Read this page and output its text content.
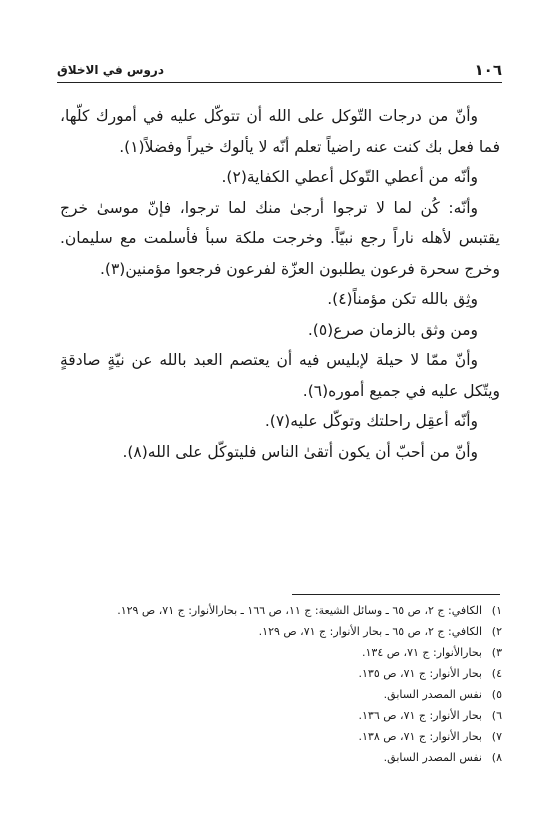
١٠٦
دروس في الاخلاق

وأنّ من درجات التّوكل على الله أن تتوكّل عليه في أمورك كلّها، فما فعل بك كنت عنه راضياً تعلم أنّه لا يألوك خيراً وفضلاً(١).

وأنّه من أعطي التّوكل أعطي الكفاية(٢).

وأنّه: كُن لما لا ترجوا أرجىٰ منك لما ترجوا، فإنّ موسىٰ خرج يقتبس لأهله ناراً رجع نبيّاً. وخرجت ملكة سبأ فأسلمت مع سليمان. وخرج سحرة فرعون يطلبون العزّة لفرعون فرجعوا مؤمنين(٣).

وثِق بالله تكن مؤمناً(٤).

ومن وثق بالزمان صرع(٥).

وأنّ ممّا لا حيلة لإبليس فيه أن يعتصم العبد بالله عن نيّةٍ صادقةٍ ويتّكل عليه في جميع أموره(٦).

وأنّه أعقِل راحلتك وتوكّل عليه(٧).

وأنّ من أحبّ أن يكون أتقىٰ الناس فليتوكّل على الله(٨).

١)الكافي: ج ٢، ص ٦٥ ـ وسائل الشيعة: ج ١١، ص ١٦٦ ـ بحارالأنوار: ج ٧١، ص ١٢٩.
٢)الكافي: ج ٢، ص ٦٥ ـ بحار الأنوار: ج ٧١، ص ١٢٩.
٣)بحارالأنوار: ج ٧١، ص ١٣٤.
٤)بحار الأنوار: ج ٧١، ص ١٣٥.
٥)نفس المصدر السابق.
٦)بحار الأنوار: ج ٧١، ص ١٣٦.
٧)بحار الأنوار: ج ٧١، ص ١٣٨.
٨)نفس المصدر السابق.
